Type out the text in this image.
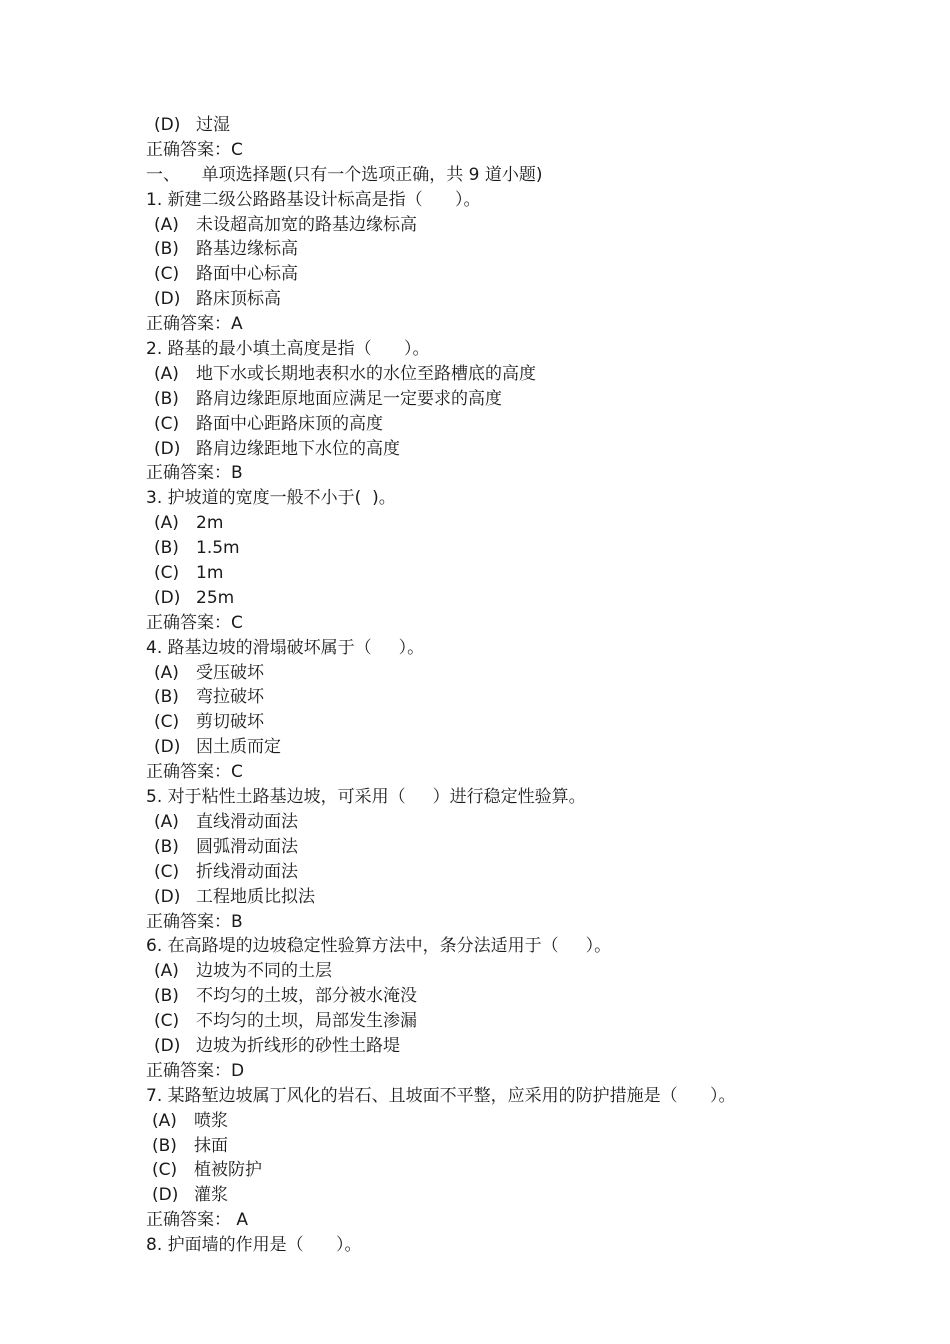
(D) 过湿
正确答案：C
一、    单项选择题(只有一个选项正确，共 9 道小题)
1. 新建二级公路路基设计标高是指（      ）。
(A) 未设超高加宽的路基边缘标高
(B) 路基边缘标高
(C) 路面中心标高
(D) 路床顶标高
正确答案：A
2. 路基的最小填土高度是指（      ）。
(A) 地下水或长期地表积水的水位至路槽底的高度
(B) 路肩边缘距原地面应满足一定要求的高度
(C) 路面中心距路床顶的高度
(D) 路肩边缘距地下水位的高度
正确答案：B
3. 护坡道的宽度一般不小于(  )。
(A) 2m
(B) 1.5m
(C) 1m
(D) 25m
正确答案：C
4. 路基边坡的滑塌破坏属于（     ）。
(A) 受压破坏
(B) 弯拉破坏
(C) 剪切破坏
(D) 因土质而定
正确答案：C
5. 对于粘性土路基边坡，可采用（     ）进行稳定性验算。
(A) 直线滑动面法
(B) 圆弧滑动面法
(C) 折线滑动面法
(D) 工程地质比拟法
正确答案：B
6. 在高路堤的边坡稳定性验算方法中，条分法适用于（     ）。
(A) 边坡为不同的土层
(B) 不均匀的土坡，部分被水淹没
(C) 不均匀的土坝，局部发生渗漏
(D) 边坡为折线形的砂性土路堤
正确答案：D
7. 某路堑边坡属丁风化的岩石、且坡面不平整，应采用的防护措施是（      ）。
(A) 喷浆
(B) 抹面
(C) 植被防护
(D) 灌浆
正确答案： A
8. 护面墙的作用是（      ）。
